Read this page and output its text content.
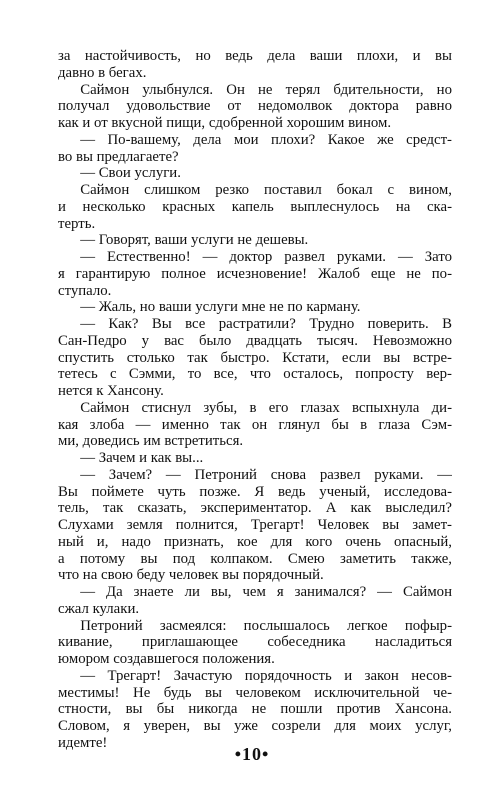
за настойчивость, но ведь дела ваши плохи, и вы
давно в бегах.
  Саймон улыбнулся. Он не терял бдительности, но
получал удовольствие от недомолвок доктора равно
как и от вкусной пищи, сдобренной хорошим вином.
  — По-вашему, дела мои плохи? Какое же средст-
во вы предлагаете?
  — Свои услуги.
  Саймон слишком резко поставил бокал с вином,
и несколько красных капель выплеснулось на ска-
терть.
  — Говорят, ваши услуги не дешевы.
  — Естественно! — доктор развел руками. — Зато
я гарантирую полное исчезновение! Жалоб еще не по-
ступало.
  — Жаль, но ваши услуги мне не по карману.
  — Как? Вы все растратили? Трудно поверить. В
Сан-Педро у вас было двадцать тысяч. Невозможно
спустить столько так быстро. Кстати, если вы встре-
тетесь с Сэмми, то все, что осталось, попросту вер-
нется к Хансону.
  Саймон стиснул зубы, в его глазах вспыхнула ди-
кая злоба — именно так он глянул бы в глаза Сэм-
ми, доведись им встретиться.
  — Зачем и как вы...
  — Зачем? — Петроний снова развел руками. —
Вы поймете чуть позже. Я ведь ученый, исследова-
тель, так сказать, экспериментатор. А как выследил?
Слухами земля полнится, Трегарт! Человек вы замет-
ный и, надо признать, кое для кого очень опасный,
а потому вы под колпаком. Смею заметить также,
что на свою беду человек вы порядочный.
  — Да знаете ли вы, чем я занимался? — Саймон
сжал кулаки.
  Петроний засмеялся: послышалось легкое пофыр-
кивание, приглашающее собеседника насладиться
юмором создавшегося положения.
  — Трегарт! Зачастую порядочность и закон несов-
местимы! Не будь вы человеком исключительной че-
стности, вы бы никогда не пошли против Хансона.
Словом, я уверен, вы уже созрели для моих услуг,
идемте!
•10•
